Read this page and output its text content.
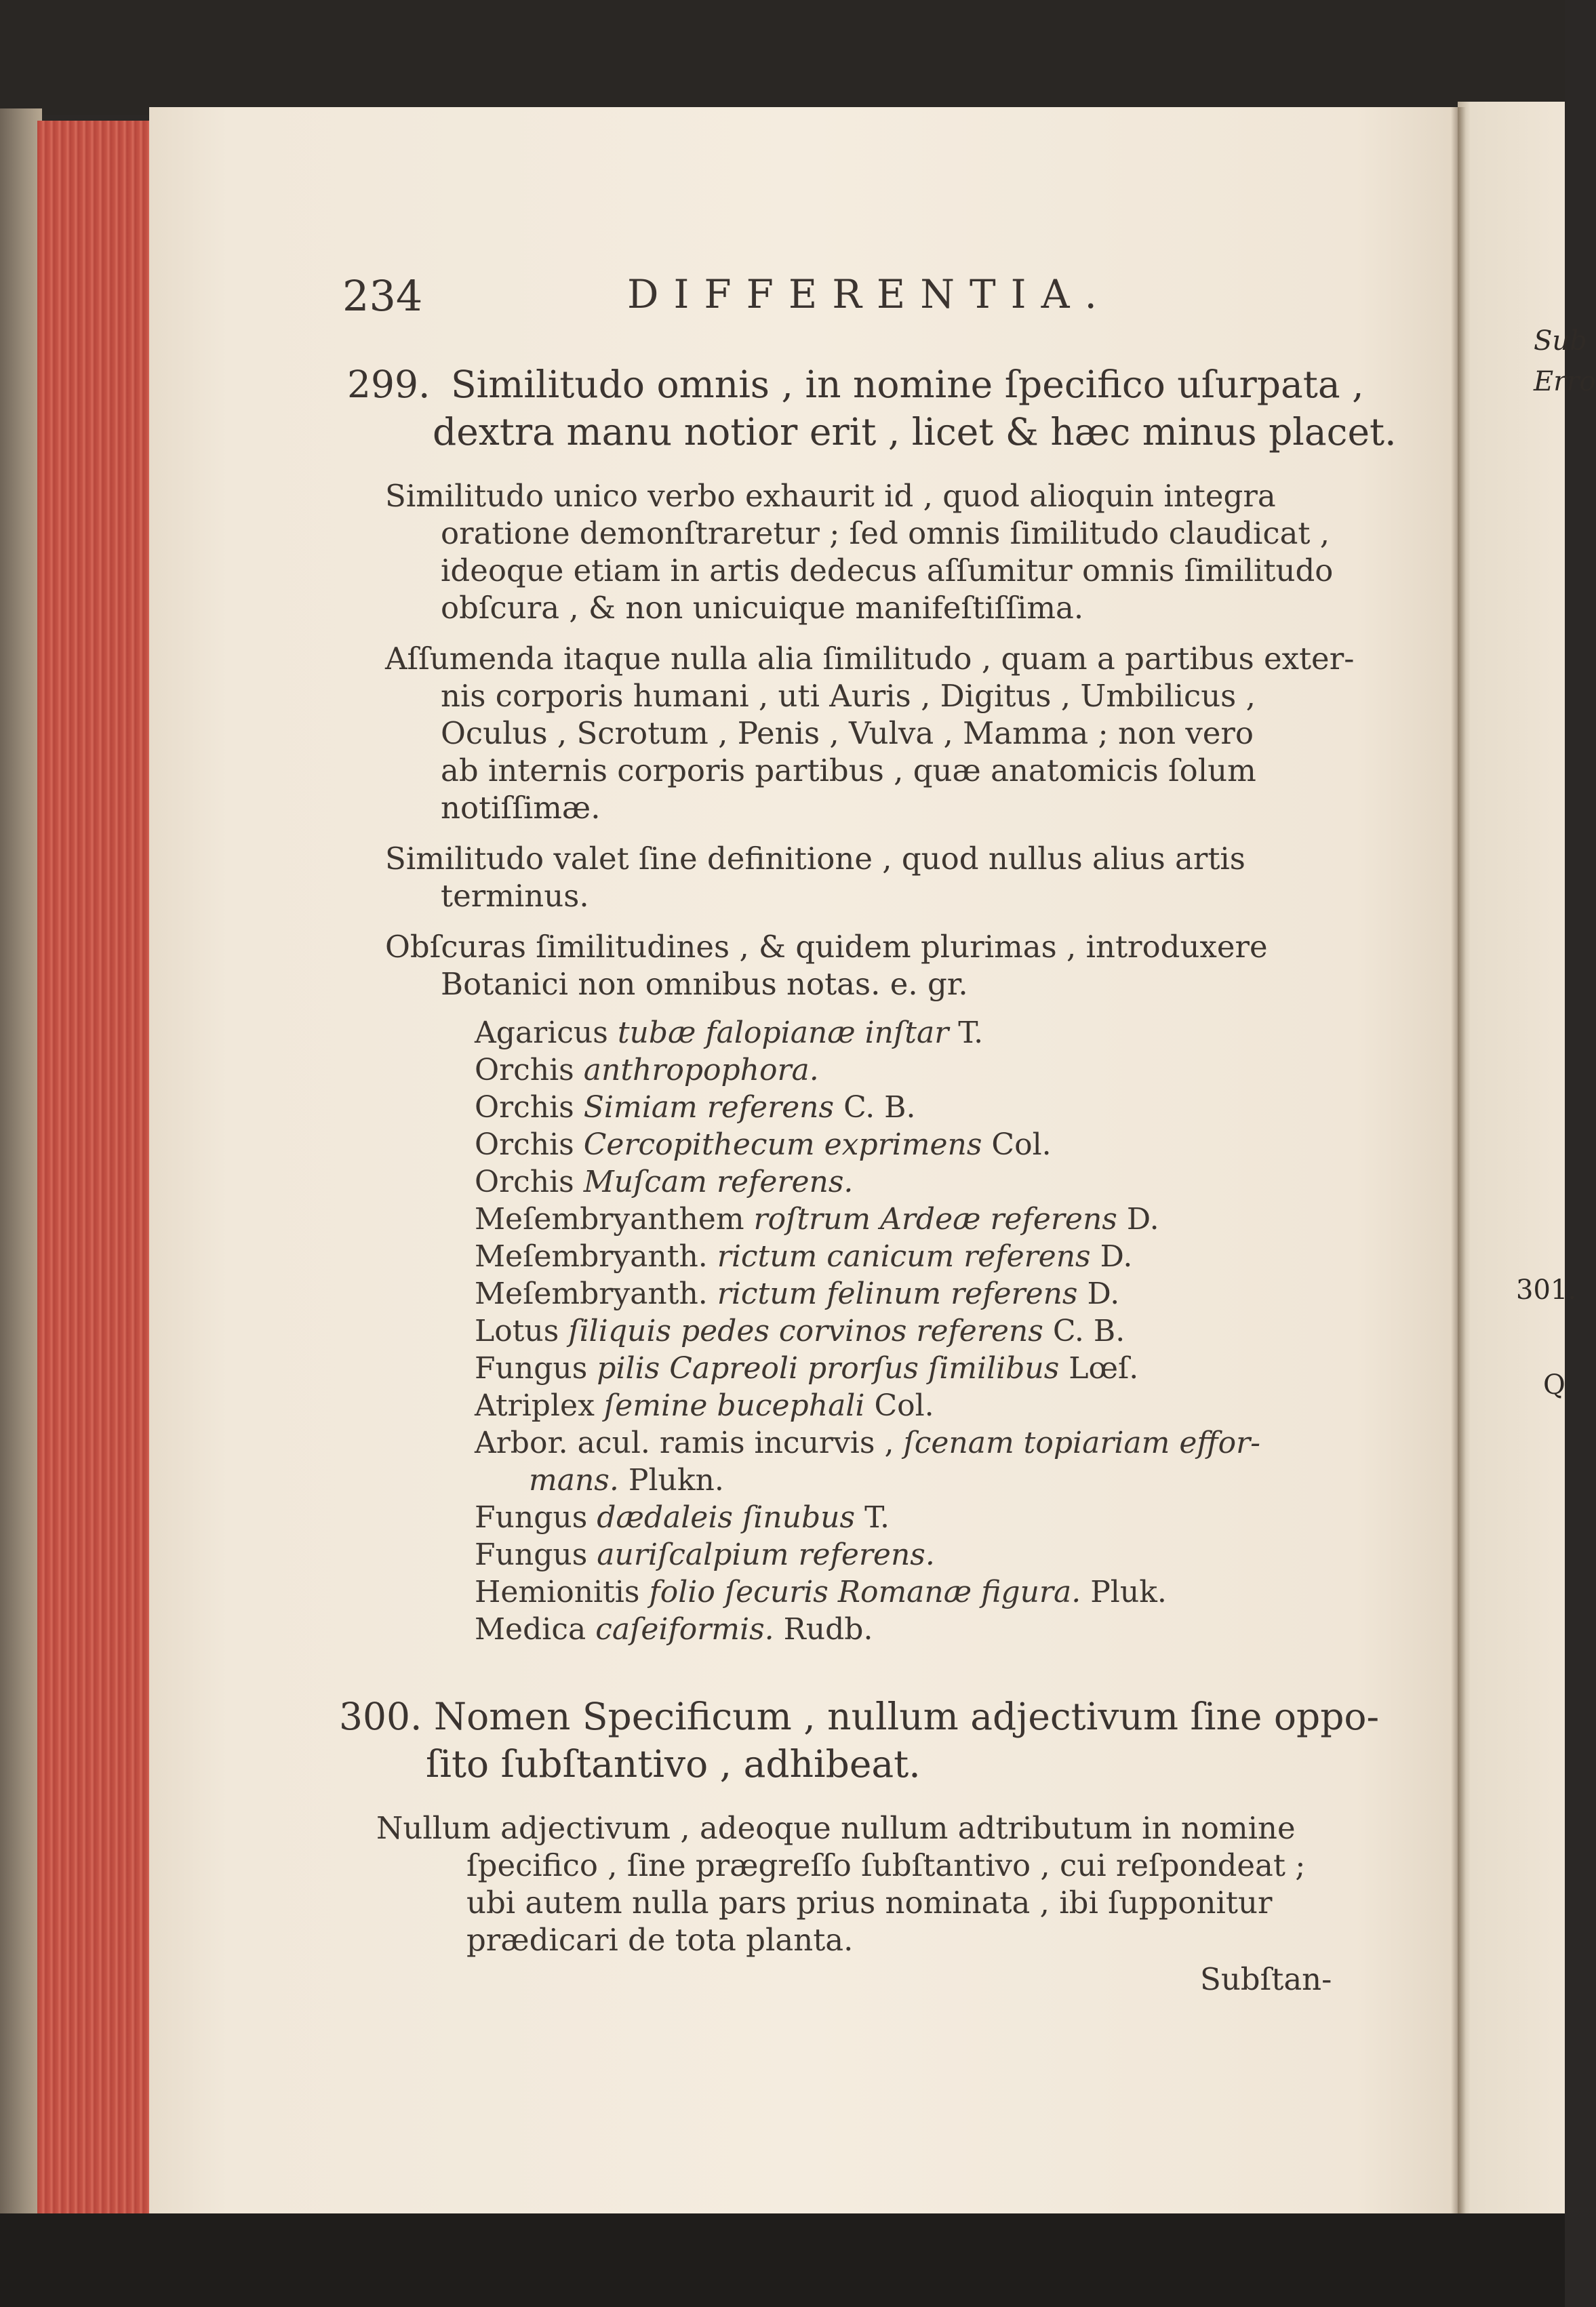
234	DIFFERENTIA.
299. Similitudo omnis , in nomine ſpecifico uſurpata ,
dextra manu notior erit , licet & hæc minus placet.
Similitudo unico verbo exhaurit id , quod alioquin integra
oratione demonſtraretur ; ſed omnis ſimilitudo claudicat ,
ideoque etiam in artis dedecus aſſumitur omnis ſimilitudo
obſcura , & non unicuique manifeſtiſſima.
Aſſumenda itaque nulla alia ſimilitudo , quam a partibus exter-
nis corporis humani , uti Auris , Digitus , Umbilicus ,
Oculus , Scrotum , Penis , Vulva , Mamma ; non vero
ab internis corporis partibus , quæ anatomicis ſolum
notiſſimæ.
Similitudo valet ſine definitione , quod nullus alius artis
terminus.
Obſcuras ſimilitudines , & quidem plurimas , introduxere
Botanici non omnibus notas. e. gr.
Agaricus tubæ falopianæ inſtar T.
Orchis anthropophora.
Orchis Simiam referens C. B.
Orchis Cercopithecum exprimens Col.
Orchis Muſcam referens.
Meſembryanthem roſtrum Ardeæ referens D.
Meſembryanth. rictum canicum referens D.
Meſembryanth. rictum felinum referens D.
Lotus ſiliquis pedes corvinos referens C. B.
Fungus pilis Capreoli prorſus ſimilibus Lœſ.
Atriplex ſemine bucephali Col.
Arbor. acul. ramis incurvis , ſcenam topiariam effor-
mans. Plukn.
Fungus dædaleis ſinubus T.
Fungus auriſcalpium referens.
Hemionitis folio ſecuris Romanæ figura. Pluk.
Medica caſeiformis. Rudb.
300. Nomen Specificum , nullum adjectivum ſine oppo-
ſito ſubſtantivo , adhibeat.
Nullum adjectivum , adeoque nullum adtributum in nomine
ſpecifico , ſine prægreſſo ſubſtantivo , cui reſpondeat ;
ubi autem nulla pars prius nominata , ibi ſupponitur
prædicari de tota planta.
Subſtan-
Sub
Erro
301.
Q
